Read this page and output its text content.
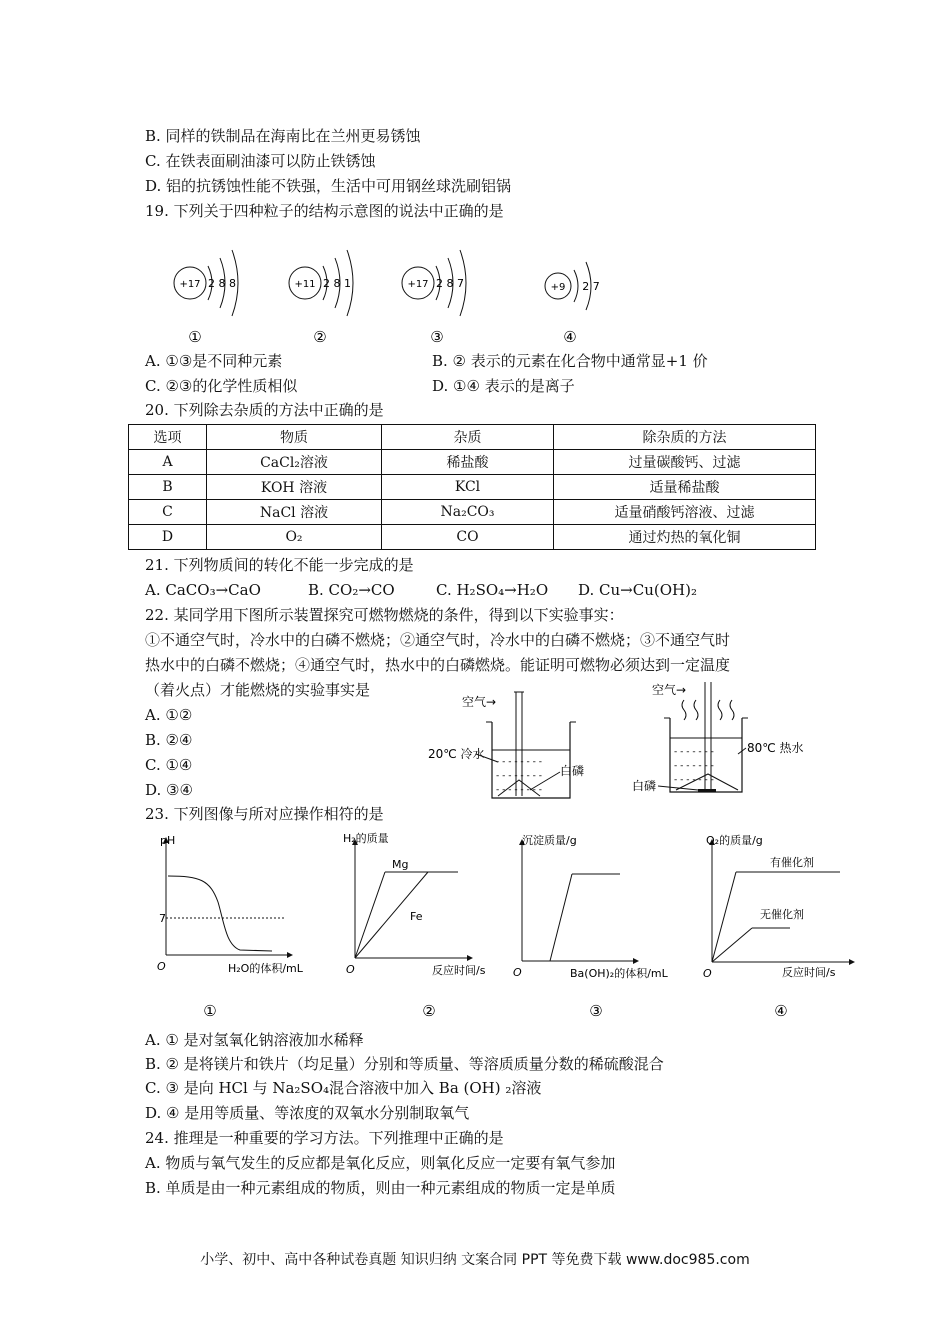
B. 同样的铁制品在海南比在兰州更易锈蚀
C. 在铁表面刷油漆可以防止铁锈蚀
D. 铝的抗锈蚀性能不铁强，生活中可用钢丝球洗刷铝锅
19. 下列关于四种粒子的结构示意图的说法中正确的是
+17 2 8 8
①
+11 2 8 1
②
+17 2 8 7
③
+9 2 7
④
A. ①③是不同种元素	B. ② 表示的元素在化合物中通常显+1 价
C. ②③的化学性质相似	D. ①④ 表示的是离子
20. 下列除去杂质的方法中正确的是
选项	物质	杂质	除杂质的方法
A	CaCl₂溶液	稀盐酸	过量碳酸钙、过滤
B	KOH 溶液	KCl	适量稀盐酸
C	NaCl 溶液	Na₂CO₃	适量硝酸钙溶液、过滤
D	O₂	CO	通过灼热的氧化铜
21. 下列物质间的转化不能一步完成的是
A. CaCO₃→CaO	B. CO₂→CO	C. H₂SO₄→H₂O D. Cu→Cu(OH)₂
22. 某同学用下图所示装置探究可燃物燃烧的条件，得到以下实验事实：
①不通空气时，冷水中的白磷不燃烧；②通空气时，冷水中的白磷不燃烧；③不通空气时
热水中的白磷不燃烧；④通空气时，热水中的白磷燃烧。能证明可燃物必须达到一定温度
（着火点）才能燃烧的实验事实是
A. ①②
B. ②④
C. ①④
D. ③④
空气→
- - - - - - - -
- - - - - - - -
- - - - - - - -
20℃ 冷水
白磷
空气→
- - - - - - -
- - - - - - -
- - - - - - -
80℃ 热水
白磷
23. 下列图像与所对应操作相符的是
pH
O
7
H₂O的体积/mL
①
H₂的质量
O
Mg
Fe
反应时间/s
②
沉淀质量/g
O	Ba(OH)₂的体积/mL
③
O₂的质量/g
O
有催化剂
无催化剂
反应时间/s
④
A. ① 是对氢氧化钠溶液加水稀释
B. ② 是将镁片和铁片（均足量）分别和等质量、等溶质质量分数的稀硫酸混合
C. ③ 是向 HCl 与 Na₂SO₄混合溶液中加入 Ba (OH) ₂溶液
D. ④ 是用等质量、等浓度的双氧水分别制取氧气
24. 推理是一种重要的学习方法。下列推理中正确的是
A. 物质与氧气发生的反应都是氧化反应，则氧化反应一定要有氧气参加
B. 单质是由一种元素组成的物质，则由一种元素组成的物质一定是单质
小学、初中、高中各种试卷真题 知识归纳 文案合同 PPT 等免费下载 www.doc985.com
